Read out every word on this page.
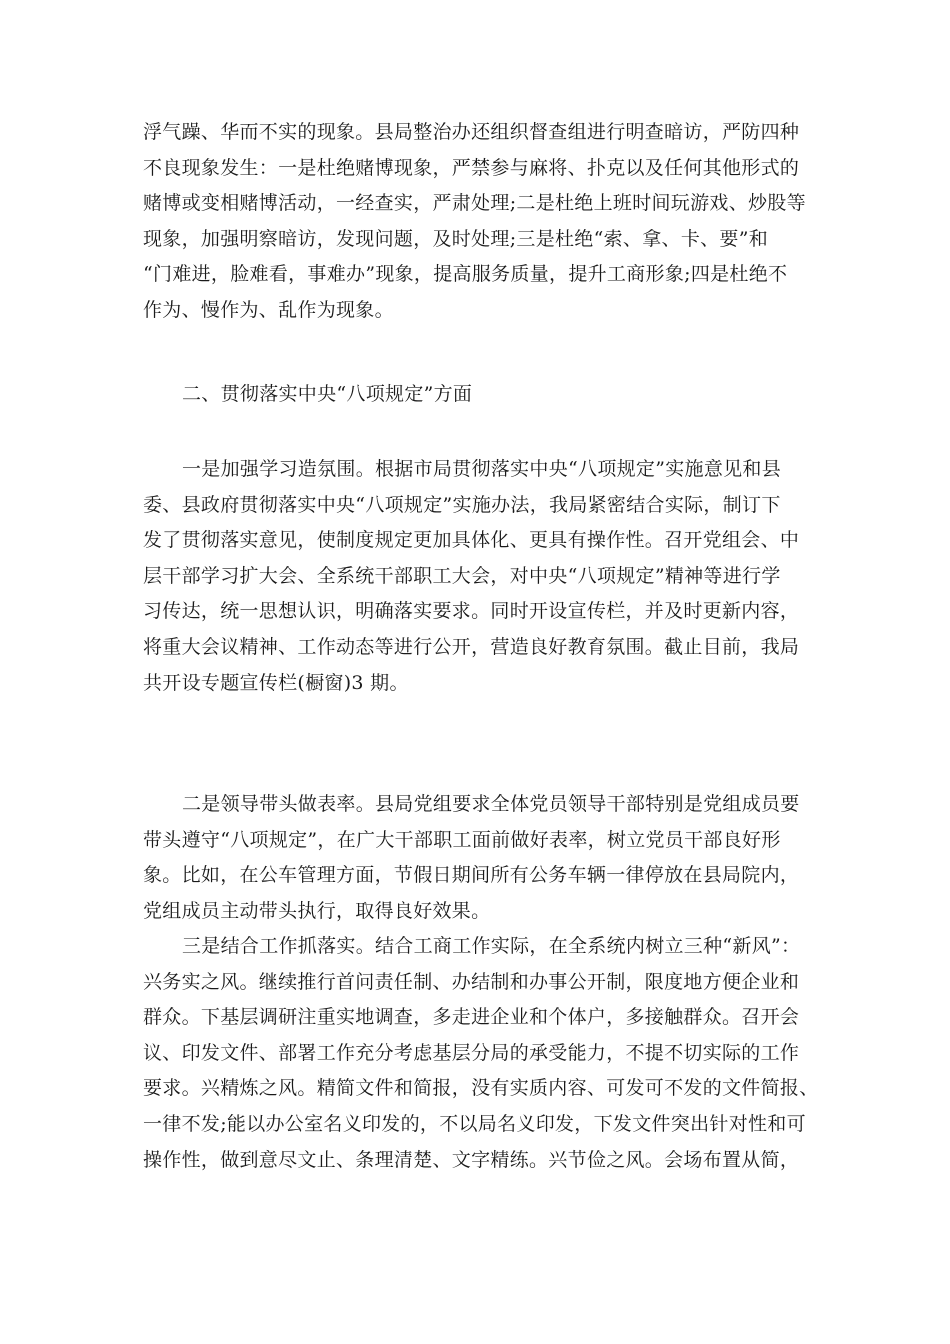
浮气躁、华而不实的现象。县局整治办还组织督查组进行明查暗访，严防四种
不良现象发生：一是杜绝赌博现象，严禁参与麻将、扑克以及任何其他形式的
赌博或变相赌博活动，一经查实，严肃处理;二是杜绝上班时间玩游戏、炒股等
现象，加强明察暗访，发现问题，及时处理;三是杜绝“索、拿、卡、要”和
“门难进，脸难看，事难办”现象，提高服务质量，提升工商形象;四是杜绝不
作为、慢作为、乱作为现象。
二、贯彻落实中央“八项规定”方面
一是加强学习造氛围。根据市局贯彻落实中央“八项规定”实施意见和县
委、县政府贯彻落实中央“八项规定”实施办法，我局紧密结合实际，制订下
发了贯彻落实意见，使制度规定更加具体化、更具有操作性。召开党组会、中
层干部学习扩大会、全系统干部职工大会，对中央“八项规定”精神等进行学
习传达，统一思想认识，明确落实要求。同时开设宣传栏，并及时更新内容，
将重大会议精神、工作动态等进行公开，营造良好教育氛围。截止目前，我局
共开设专题宣传栏(橱窗)3 期。
二是领导带头做表率。县局党组要求全体党员领导干部特别是党组成员要
带头遵守“八项规定”，在广大干部职工面前做好表率，树立党员干部良好形
象。比如，在公车管理方面，节假日期间所有公务车辆一律停放在县局院内，
党组成员主动带头执行，取得良好效果。
三是结合工作抓落实。结合工商工作实际，在全系统内树立三种“新风”：
兴务实之风。继续推行首问责任制、办结制和办事公开制，限度地方便企业和
群众。下基层调研注重实地调查，多走进企业和个体户，多接触群众。召开会
议、印发文件、部署工作充分考虑基层分局的承受能力，不提不切实际的工作
要求。兴精炼之风。精简文件和简报，没有实质内容、可发可不发的文件简报、
一律不发;能以办公室名义印发的，不以局名义印发，下发文件突出针对性和可
操作性，做到意尽文止、条理清楚、文字精练。兴节俭之风。会场布置从简，
